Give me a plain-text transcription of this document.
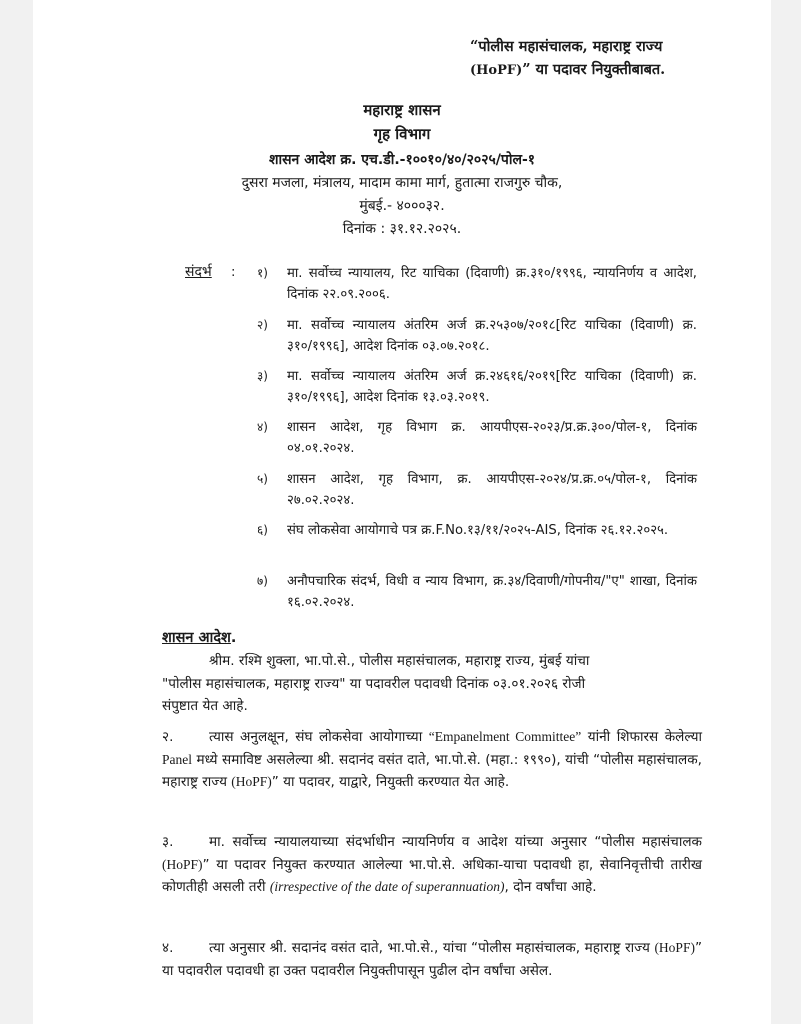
“पोलीस महासंचालक, महाराष्ट्र राज्य
(HoPF)” या पदावर नियुक्तीबाबत.
महाराष्ट्र शासन
गृह विभाग
शासन आदेश क्र. एच.डी.-१००१०/४०/२०२५/पोल-१
दुसरा मजला, मंत्रालय, मादाम कामा मार्ग, हुतात्मा राजगुरु चौक,
मुंबई.- ४०००३२.
दिनांक : ३१.१२.२०२५.
संदर्भ : १) मा. सर्वोच्च न्यायालय, रिट याचिका (दिवाणी) क्र.३१०/१९९६, न्यायनिर्णय व आदेश, दिनांक २२.०९.२००६.
२) मा. सर्वोच्च न्यायालय अंतरिम अर्ज क्र.२५३०७/२०१८[रिट याचिका (दिवाणी) क्र. ३१०/१९९६], आदेश दिनांक ०३.०७.२०१८.
३) मा. सर्वोच्च न्यायालय अंतरिम अर्ज क्र.२४६१६/२०१९[रिट याचिका (दिवाणी) क्र. ३१०/१९९६], आदेश दिनांक १३.०३.२०१९.
४) शासन आदेश, गृह विभाग क्र. आयपीएस-२०२३/प्र.क्र.३००/पोल-१, दिनांक ०४.०१.२०२४.
५) शासन आदेश, गृह विभाग, क्र. आयपीएस-२०२४/प्र.क्र.०५/पोल-१, दिनांक २७.०२.२०२४.
६) संघ लोकसेवा आयोगाचे पत्र क्र.F.No.१३/११/२०२५-AIS, दिनांक २६.१२.२०२५.
७) अनौपचारिक संदर्भ, विधी व न्याय विभाग, क्र.३४/दिवाणी/गोपनीय/"ए" शाखा, दिनांक १६.०२.२०२४.
शासन आदेश.
श्रीम. रश्मि शुक्ला, भा.पो.से., पोलीस महासंचालक, महाराष्ट्र राज्य, मुंबई यांचा
"पोलीस महासंचालक, महाराष्ट्र राज्य" या पदावरील पदावधी दिनांक ०३.०१.२०२६ रोजी
संपुष्टात येत आहे.
२.	त्यास अनुलक्षून, संघ लोकसेवा आयोगाच्या “Empanelment Committee” यांनी शिफारस केलेल्या Panel मध्ये समाविष्ट असलेल्या श्री. सदानंद वसंत दाते, भा.पो.से. (महा.: १९९०), यांची “पोलीस महासंचालक, महाराष्ट्र राज्य (HoPF)” या पदावर, याद्वारे, नियुक्ती करण्यात येत आहे.
३.	मा. सर्वोच्च न्यायालयाच्या संदर्भाधीन न्यायनिर्णय व आदेश यांच्या अनुसार “पोलीस महासंचालक (HoPF)” या पदावर नियुक्त करण्यात आलेल्या भा.पो.से. अधिका-याचा पदावधी हा, सेवानिवृत्तीची तारीख कोणतीही असली तरी (irrespective of the date of superannuation), दोन वर्षांचा आहे.
४.	त्या अनुसार श्री. सदानंद वसंत दाते, भा.पो.से., यांचा “पोलीस महासंचालक, महाराष्ट्र राज्य (HoPF)” या पदावरील पदावधी हा उक्त पदावरील नियुक्तीपासून पुढील दोन वर्षांचा असेल.
